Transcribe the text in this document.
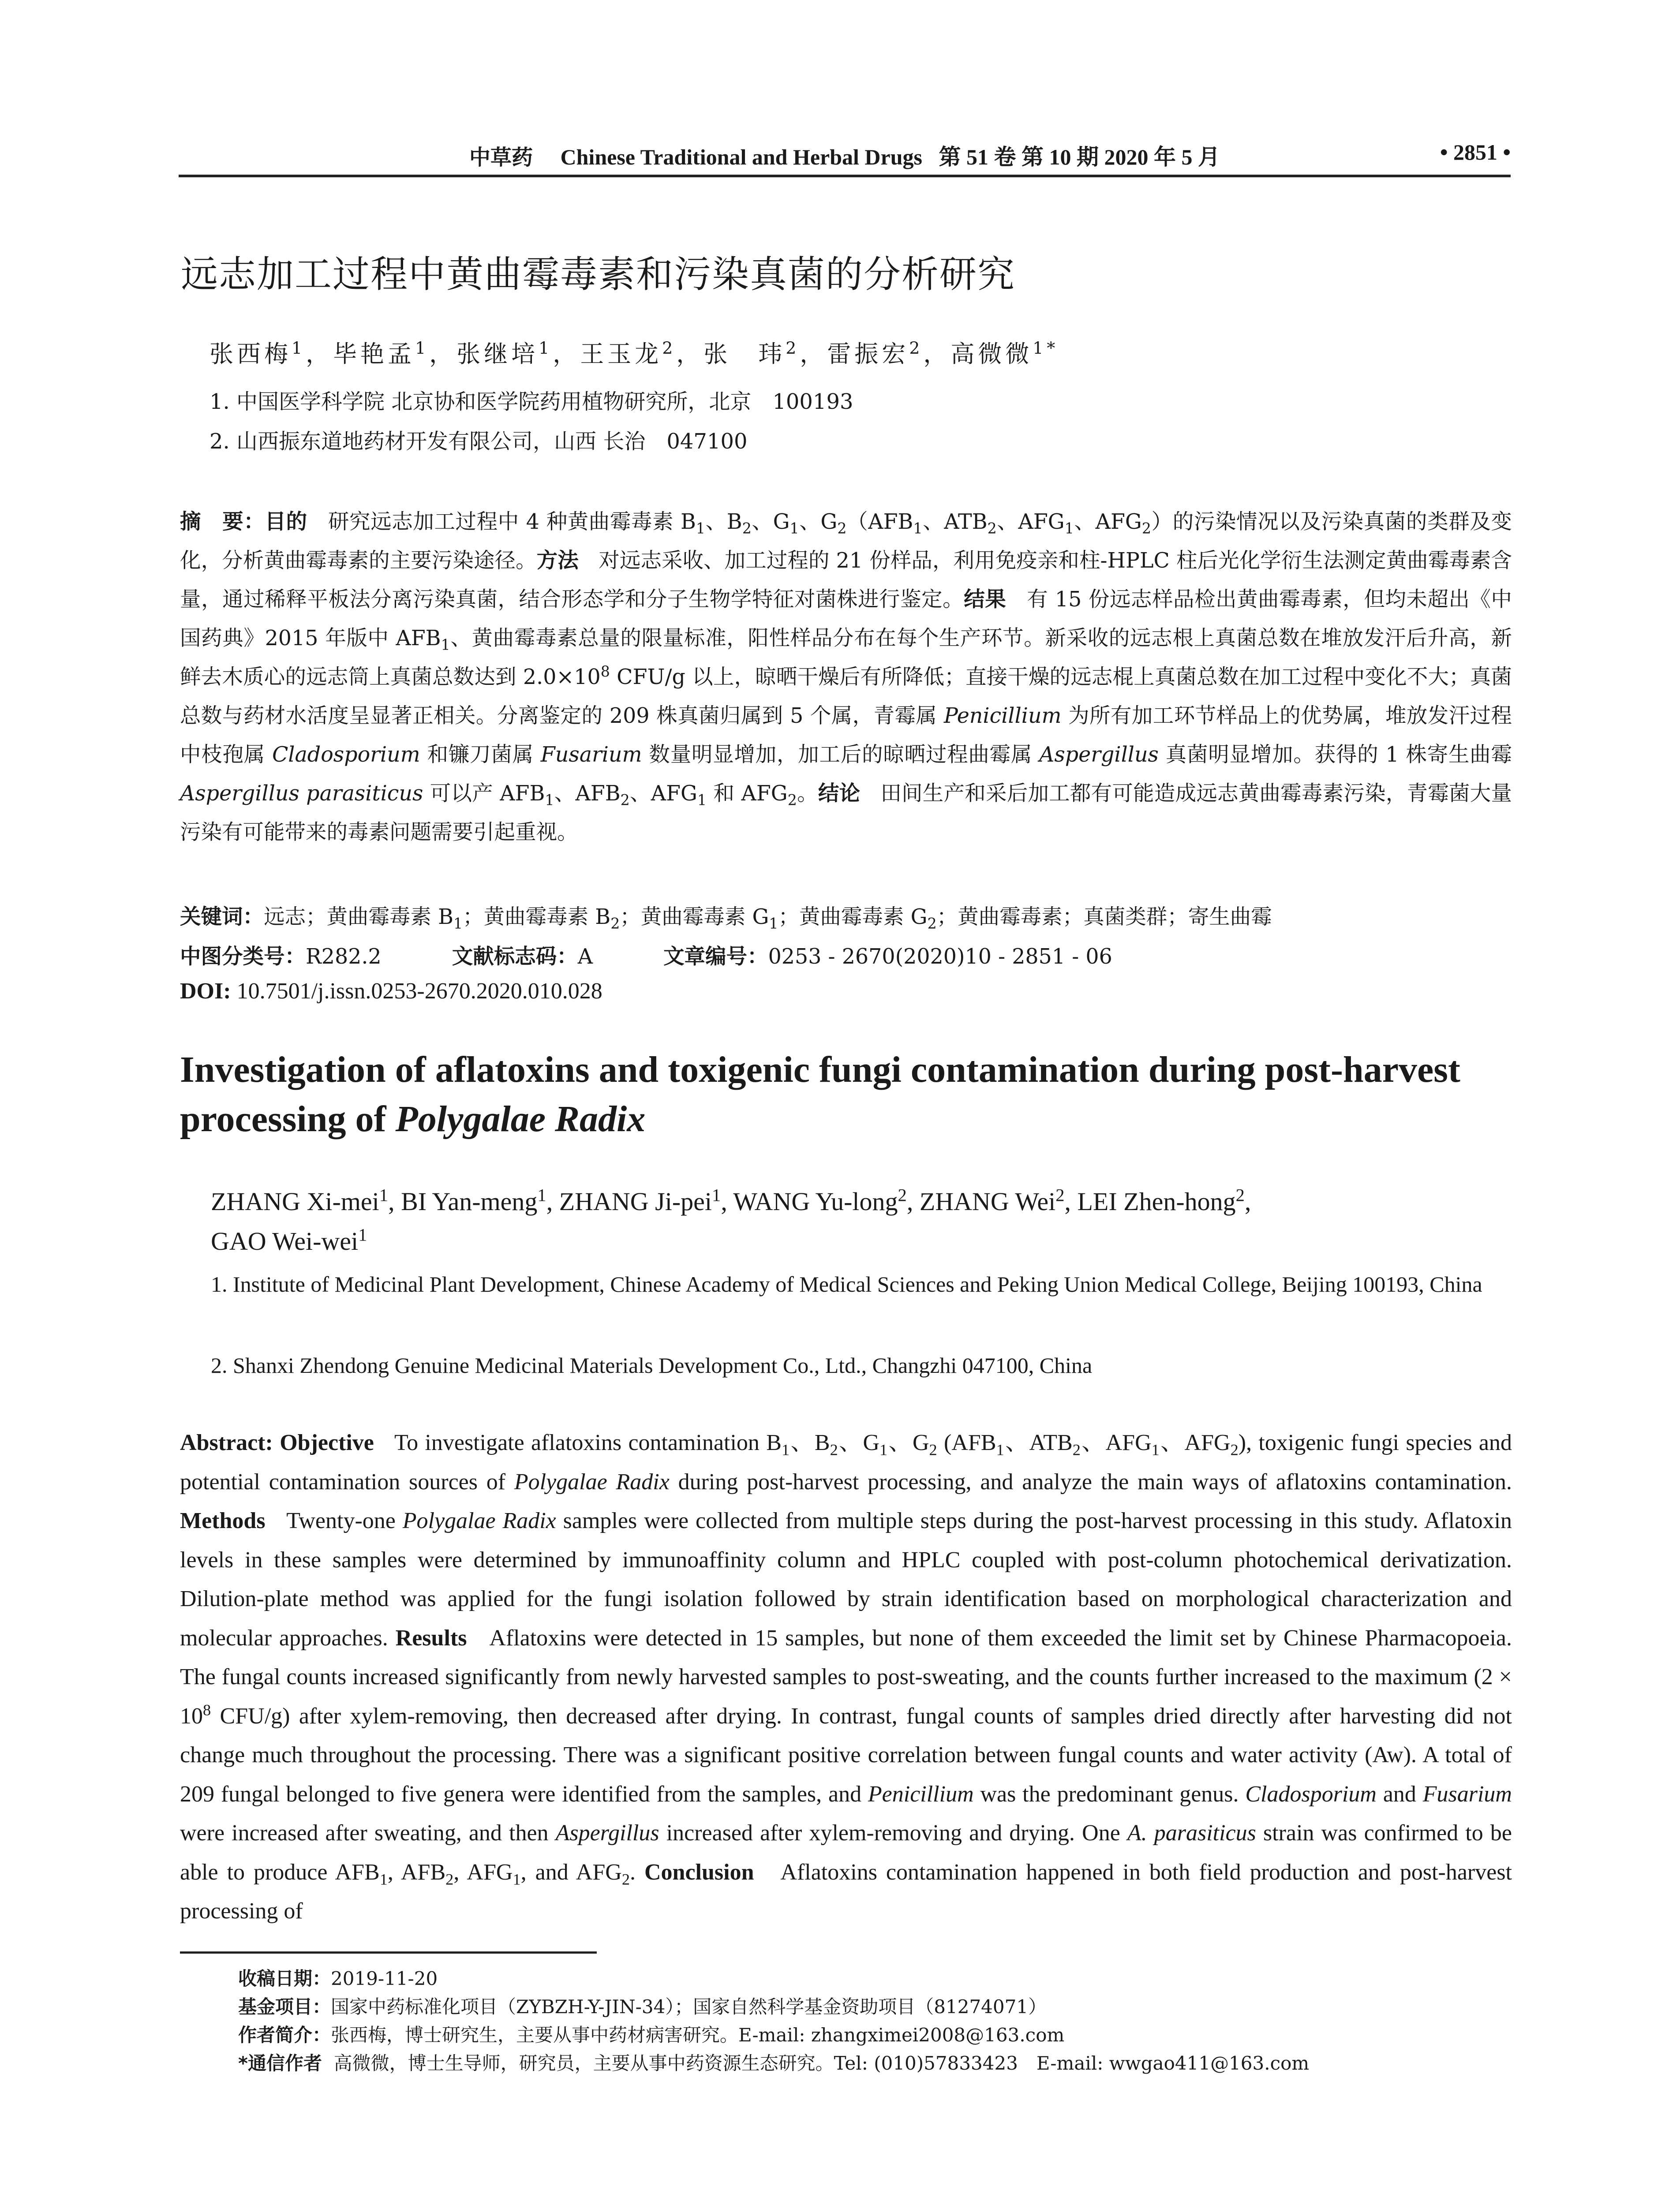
中草药 Chinese Traditional and Herbal Drugs 第 51 卷 第 10 期 2020 年 5 月	• 2851 •
远志加工过程中黄曲霉毒素和污染真菌的分析研究
张西梅$^1$，毕艳孟$^1$，张继培$^1$，王玉龙$^2$，张　玮$^2$，雷振宏$^2$，高微微$^{1*}$
1. 中国医学科学院 北京协和医学院药用植物研究所，北京　100193
2. 山西振东道地药材开发有限公司，山西 长治　047100
摘　要：目的 研究远志加工过程中 4 种黄曲霉毒素 $B_1$、$B_2$、$G_1$、$G_2(AFB_1$、$ATB_2$、$AFG_1$、$AFG_2$）的污染情况以及污染真菌的类群及变化，分析黄曲霉毒素的主要污染途径。方法 对远志采收、加工过程的 21 份样品，利用免疫亲和柱-HPLC 柱后光化学衍生法测定黄曲霉毒素含量，通过稀释平板法分离污染真菌，结合形态学和分子生物学特征对菌株进行鉴定。结果 有 15 份远志样品检出黄曲霉毒素，但均未超出《中国药典》2015 年版中 $AFB_1$、黄曲霉毒素总量的限量标准，阳性样品分布在每个生产环节。新采收的远志根上真菌总数在堆放发汗后升高，新鲜去木质心的远志筒上真菌总数达到 $2.0\times 10^8$ CFU/g 以上，晾晒干燥后有所降低；直接干燥的远志棍上真菌总数在加工过程中变化不大；真菌总数与药材水活度呈显著正相关。分离鉴定的 209 株真菌归属到 5 个属，青霉属 Penicillium 为所有加工环节样品上的优势属，堆放发汗过程中枝孢属 Cladosporium 和镰刀菌属 Fusarium 数量明显增加，加工后的晾晒过程曲霉属 Aspergillus 真菌明显增加。获得的 1 株寄生曲霉 Aspergillus parasiticus 可以产 $AFB_1$、$AFB_2$、$AFG_1$ 和 $AFG_2$。结论 田间生产和采后加工都有可能造成远志黄曲霉毒素污染，青霉菌大量污染有可能带来的毒素问题需要引起重视。
关键词：远志；黄曲霉毒素 $B_1$；黄曲霉毒素 $B_2$；黄曲霉毒素 $G_1$；黄曲霉毒素 $G_2$；黄曲霉毒素；真菌类群；寄生曲霉
中图分类号：R282.2	文献标志码：A	文章编号：0253 - 2670(2020)10 - 2851 - 06
DOI: 10.7501/j.issn.0253-2670.2020.010.028
Investigation of aflatoxins and toxigenic fungi contamination during post-harvest processing of Polygalae Radix
ZHANG Xi-mei$^1$, BI Yan-meng$^1$, ZHANG Ji-pei$^1$, WANG Yu-long$^2$, ZHANG Wei$^2$, LEI Zhen-hong$^2$,
GAO Wei-wei$^1$
1. Institute of Medicinal Plant Development, Chinese Academy of Medical Sciences and Peking Union Medical College, Beijing 100193, China
2. Shanxi Zhendong Genuine Medicinal Materials Development Co., Ltd., Changzhi 047100, China
Abstract: Objective To investigate aflatoxins contamination $B_1$、$B_2$、$G_1$、$G_2$ ($AFB_1$、$ATB_2$、$AFG_1$、$AFG_2$), toxigenic fungi species and potential contamination sources of Polygalae Radix during post-harvest processing, and analyze the main ways of aflatoxins contamination. Methods Twenty-one Polygalae Radix samples were collected from multiple steps during the post-harvest processing in this study. Aflatoxin levels in these samples were determined by immunoaffinity column and HPLC coupled with post-column photochemical derivatization. Dilution-plate method was applied for the fungi isolation followed by strain identification based on morphological characterization and molecular approaches. Results Aflatoxins were detected in 15 samples, but none of them exceeded the limit set by Chinese Pharmacopoeia. The fungal counts increased significantly from newly harvested samples to post-sweating, and the counts further increased to the maximum ($2 \times 10^8$ CFU/g) after xylem-removing, then decreased after drying. In contrast, fungal counts of samples dried directly after harvesting did not change much throughout the processing. There was a significant positive correlation between fungal counts and water activity (Aw). A total of 209 fungal belonged to five genera were identified from the samples, and Penicillium was the predominant genus. Cladosporium and Fusarium were increased after sweating, and then Aspergillus increased after xylem-removing and drying. One A. parasiticus strain was confirmed to be able to produce $AFB_1$, $AFB_2$, $AFG_1$, and $AFG_2$. Conclusion Aflatoxins contamination happened in both field production and post-harvest processing of
收稿日期：2019-11-20
基金项目：国家中药标准化项目（ZYBZH-Y-JIN-34）；国家自然科学基金资助项目（81274071）
作者简介：张西梅，博士研究生，主要从事中药材病害研究。E-mail: zhangximei2008@163.com
*通信作者 高微微，博士生导师，研究员，主要从事中药资源生态研究。Tel: (010)57833423　E-mail: wwgao411@163.com
